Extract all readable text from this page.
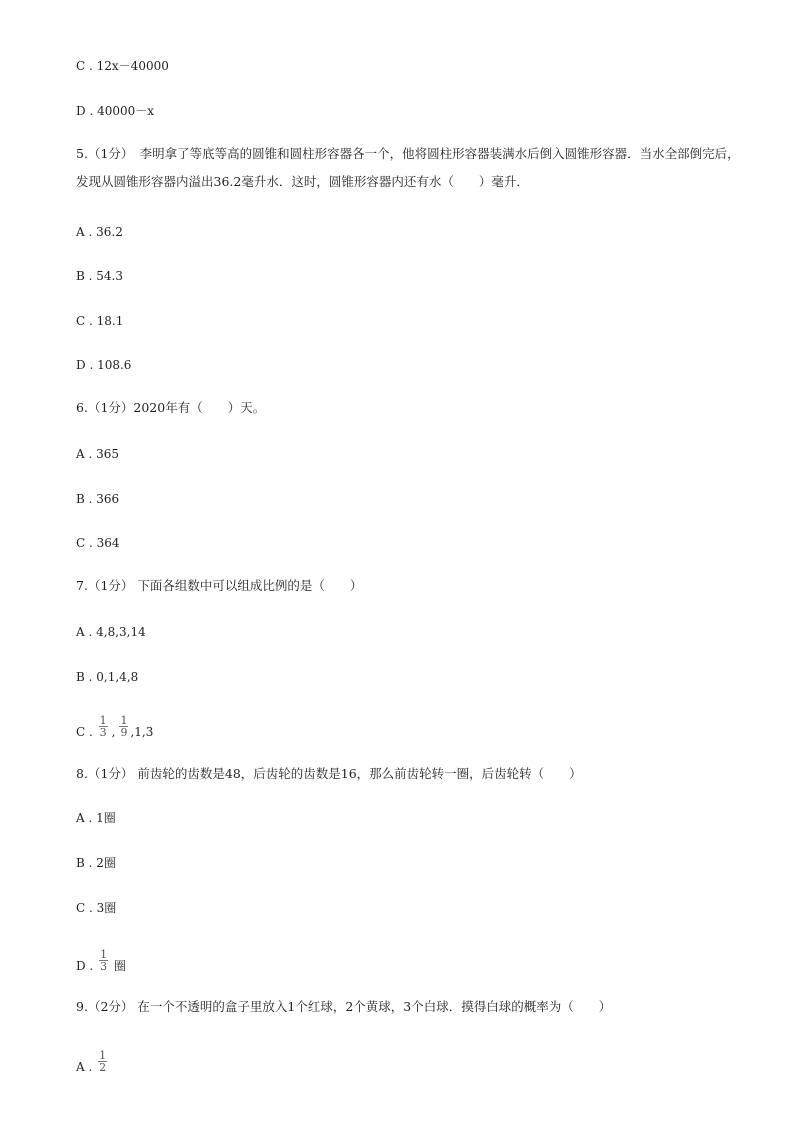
C . 12x－40000
D . 40000－x
5.（1分）　李明拿了等底等高的圆锥和圆柱形容器各一个，他将圆柱形容器装满水后倒入圆锥形容器．当水全部倒完后，发现从圆锥形容器内溢出36.2毫升水．这时，圆锥形容器内还有水（　　）毫升．
A . 36.2
B . 54.3
C . 18.1
D . 108.6
6.（1分）2020年有（　　）天。
A . 365
B . 366
C . 364
7.（1分） 下面各组数中可以组成比例的是（　　）
A . 4,8,3,14
B . 0,1,4,8
C . $\frac{1}{3}$ , $\frac{1}{9} ,1,3$
8.（1分） 前齿轮的齿数是48，后齿轮的齿数是16，那么前齿轮转一圈，后齿轮转（　　）
A . 1圈
B . 2圈
C . 3圈
D . $\frac{1}{3}$ 圈
9.（2分） 在一个不透明的盒子里放入1个红球，2个黄球，3个白球．摸得白球的概率为（　　）
A . $\frac{1}{2}$
